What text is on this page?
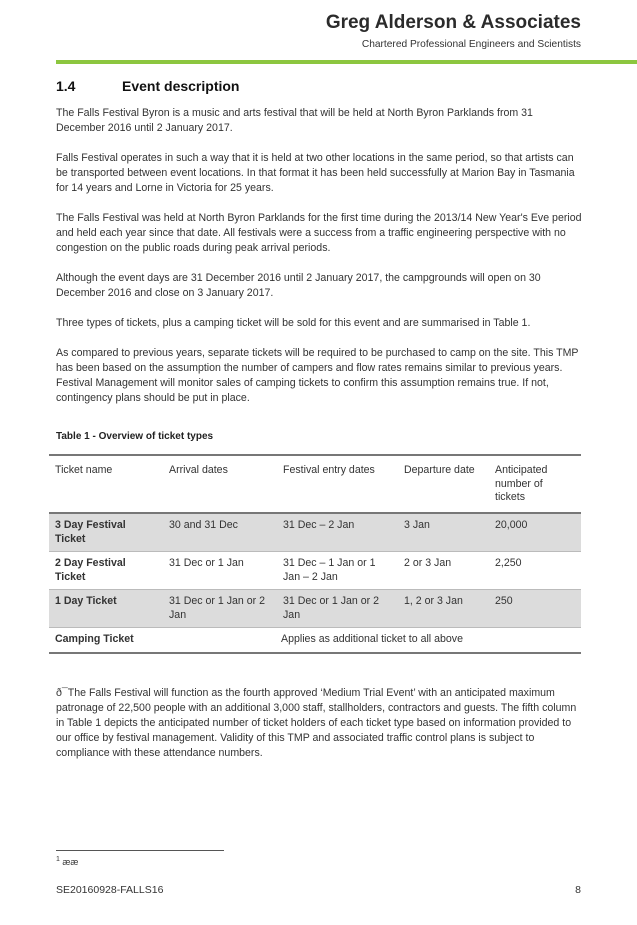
Greg Alderson & Associates
Chartered Professional Engineers and Scientists
1.4	Event description

The Falls Festival Byron is a music and arts festival that will be held at North Byron Parklands from 31 December 2016 until 2 January 2017.

Falls Festival operates in such a way that it is held at two other locations in the same period, so that artists can be transported between event locations. In that format it has been held successfully at Marion Bay in Tasmania for 14 years and Lorne in Victoria for 25 years.

The Falls Festival was held at North Byron Parklands for the first time during the 2013/14 New Year's Eve period and held each year since that date. All festivals were a success from a traffic engineering perspective with no congestion on the public roads during peak arrival periods.

Although the event days are 31 December 2016 until 2 January 2017, the campgrounds will open on 30 December 2016 and close on 3 January 2017.

Three types of tickets, plus a camping ticket will be sold for this event and are summarised in Table 1.

As compared to previous years, separate tickets will be required to be purchased to camp on the site. This TMP has been based on the assumption the number of campers and flow rates remains similar to previous years. Festival Management will monitor sales of camping tickets to confirm this assumption remains true. If not, contingency plans should be put in place.

Table 1 - Overview of ticket types
Ticket name	Arrival dates	Festival entry dates	Departure date	Anticipated number of tickets
3 Day Festival Ticket	30 and 31 Dec	31 Dec – 2 Jan	3 Jan	20,000
2 Day Festival Ticket	31 Dec or 1 Jan	31 Dec – 1 Jan or 1 Jan – 2 Jan	2 or 3 Jan	2,250
1 Day Ticket	31 Dec or 1 Jan or 2 Jan	31 Dec or 1 Jan or 2 Jan	1, 2 or 3 Jan	250
Camping Ticket	Applies as additional ticket to all above			

ð¯The Falls Festival will function as the fourth approved ‘Medium Trial Event’ with an anticipated maximum patronage of 22,500 people with an additional 3,000 staff, stallholders, contractors and guests. The fifth column in Table 1 depicts the anticipated number of ticket holders of each ticket type based on information provided to our office by festival management. Validity of this TMP and associated traffic control plans is subject to compliance with these attendance numbers.

$^1$ ææ
SE20160928-FALLS16	8
